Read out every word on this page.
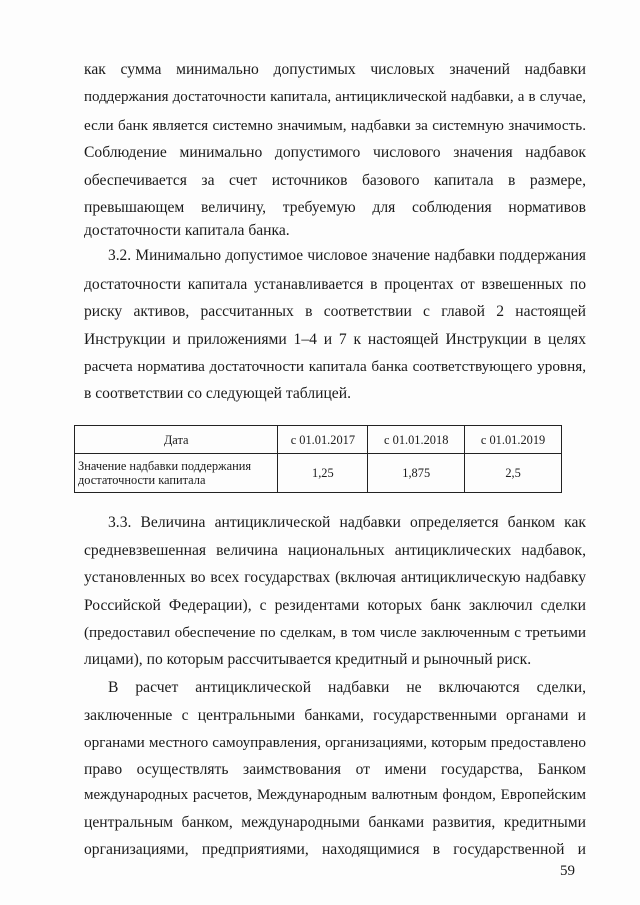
как сумма минимально допустимых числовых значений надбавки
поддержания достаточности капитала, антициклической надбавки, а в случае,
если банк является системно значимым, надбавки за системную значимость.
Соблюдение минимально допустимого числового значения надбавок
обеспечивается за счет источников базового капитала в размере,
превышающем величину, требуемую для соблюдения нормативов
достаточности капитала банка.
3.2. Минимально допустимое числовое значение надбавки поддержания
достаточности капитала устанавливается в процентах от взвешенных по
риску активов, рассчитанных в соответствии с главой 2 настоящей
Инструкции и приложениями 1–4 и 7 к настоящей Инструкции в целях
расчета норматива достаточности капитала банка соответствующего уровня,
в соответствии со следующей таблицей.
Дата	с 01.01.2017	с 01.01.2018	с 01.01.2019
Значение надбавки поддержания достаточности капитала	1,25	1,875	2,5
3.3. Величина антициклической надбавки определяется банком как
средневзвешенная величина национальных антициклических надбавок,
установленных во всех государствах (включая антициклическую надбавку
Российской Федерации), с резидентами которых банк заключил сделки
(предоставил обеспечение по сделкам, в том числе заключенным с третьими
лицами), по которым рассчитывается кредитный и рыночный риск.
В расчет антициклической надбавки не включаются сделки,
заключенные с центральными банками, государственными органами и
органами местного самоуправления, организациями, которым предоставлено
право осуществлять заимствования от имени государства, Банком
международных расчетов, Международным валютным фондом, Европейским
центральным банком, международными банками развития, кредитными
организациями, предприятиями, находящимися в государственной и
59
